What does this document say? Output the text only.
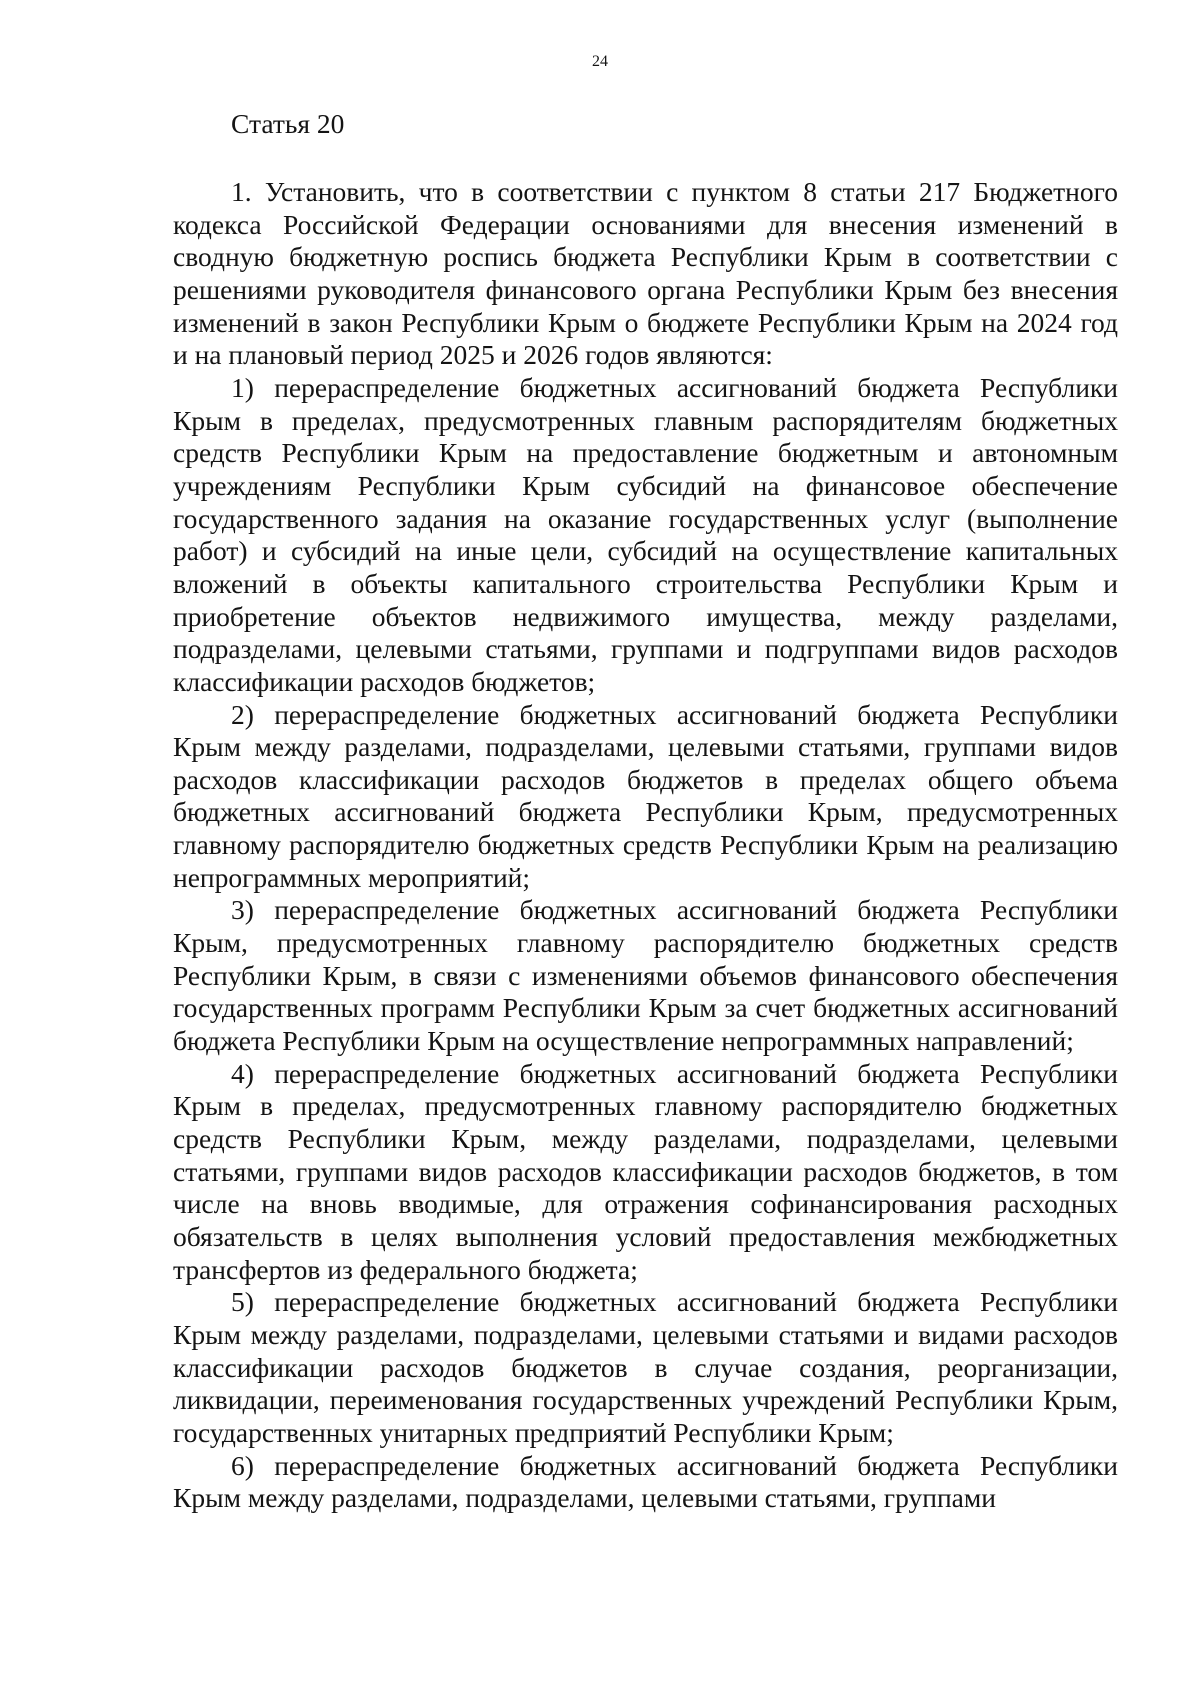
24
Статья 20

1. Установить, что в соответствии с пунктом 8 статьи 217 Бюджетного кодекса Российской Федерации основаниями для внесения изменений в сводную бюджетную роспись бюджета Республики Крым в соответствии с решениями руководителя финансового органа Республики Крым без внесения изменений в закон Республики Крым о бюджете Республики Крым на 2024 год и на плановый период 2025 и 2026 годов являются:

1) перераспределение бюджетных ассигнований бюджета Республики Крым в пределах, предусмотренных главным распорядителям бюджетных средств Республики Крым на предоставление бюджетным и автономным учреждениям Республики Крым субсидий на финансовое обеспечение государственного задания на оказание государственных услуг (выполнение работ) и субсидий на иные цели, субсидий на осуществление капитальных вложений в объекты капитального строительства Республики Крым и приобретение объектов недвижимого имущества, между разделами, подразделами, целевыми статьями, группами и подгруппами видов расходов классификации расходов бюджетов;

2) перераспределение бюджетных ассигнований бюджета Республики Крым между разделами, подразделами, целевыми статьями, группами видов расходов классификации расходов бюджетов в пределах общего объема бюджетных ассигнований бюджета Республики Крым, предусмотренных главному распорядителю бюджетных средств Республики Крым на реализацию непрограммных мероприятий;

3) перераспределение бюджетных ассигнований бюджета Республики Крым, предусмотренных главному распорядителю бюджетных средств Республики Крым, в связи с изменениями объемов финансового обеспечения государственных программ Республики Крым за счет бюджетных ассигнований бюджета Республики Крым на осуществление непрограммных направлений;

4) перераспределение бюджетных ассигнований бюджета Республики Крым в пределах, предусмотренных главному распорядителю бюджетных средств Республики Крым, между разделами, подразделами, целевыми статьями, группами видов расходов классификации расходов бюджетов, в том числе на вновь вводимые, для отражения софинансирования расходных обязательств в целях выполнения условий предоставления межбюджетных трансфертов из федерального бюджета;

5) перераспределение бюджетных ассигнований бюджета Республики Крым между разделами, подразделами, целевыми статьями и видами расходов классификации расходов бюджетов в случае создания, реорганизации, ликвидации, переименования государственных учреждений Республики Крым, государственных унитарных предприятий Республики Крым;

6) перераспределение бюджетных ассигнований бюджета Республики Крым между разделами, подразделами, целевыми статьями, группами
